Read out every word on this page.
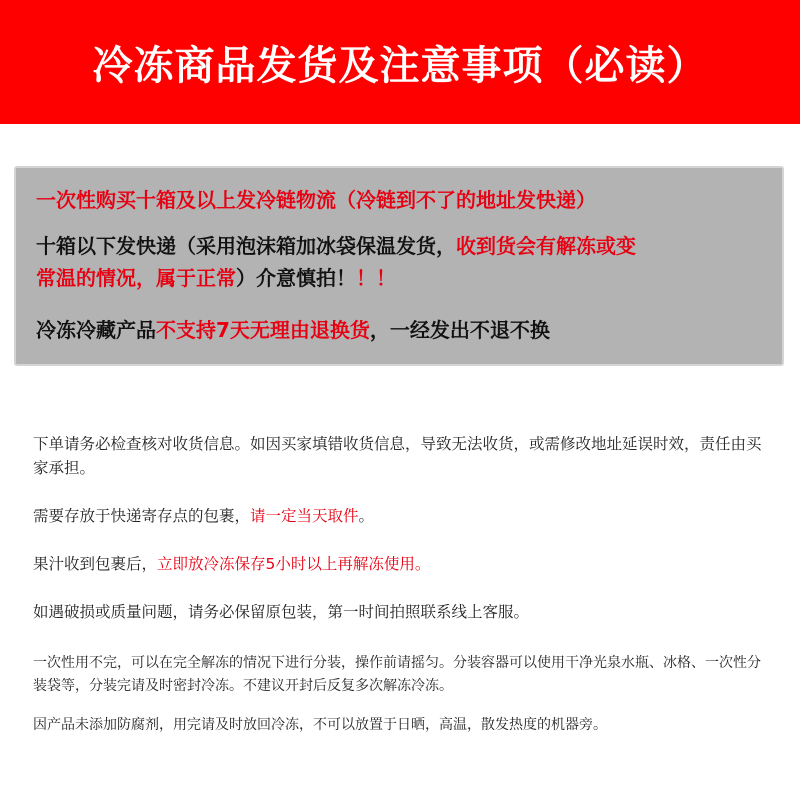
冷冻商品发货及注意事项（必读）
一次性购买十箱及以上发冷链物流（冷链到不了的地址发快递）
十箱以下发快递（采用泡沫箱加冰袋保温发货，收到货会有解冻或变
常温的情况，属于正常）介意慎拍！！！
冷冻冷藏产品不支持7天无理由退换货，一经发出不退不换
下单请务必检查核对收货信息。如因买家填错收货信息，导致无法收货，或需修改地址延误时效，责任由买家承担。
需要存放于快递寄存点的包裹，请一定当天取件。
果汁收到包裹后，立即放冷冻保存5小时以上再解冻使用。
如遇破损或质量问题，请务必保留原包装，第一时间拍照联系线上客服。
一次性用不完，可以在完全解冻的情况下进行分装，操作前请摇匀。分装容器可以使用干净光泉水瓶、冰格、一次性分装袋等，分装完请及时密封冷冻。不建议开封后反复多次解冻冷冻。
因产品未添加防腐剂，用完请及时放回冷冻，不可以放置于日晒，高温，散发热度的机器旁。
